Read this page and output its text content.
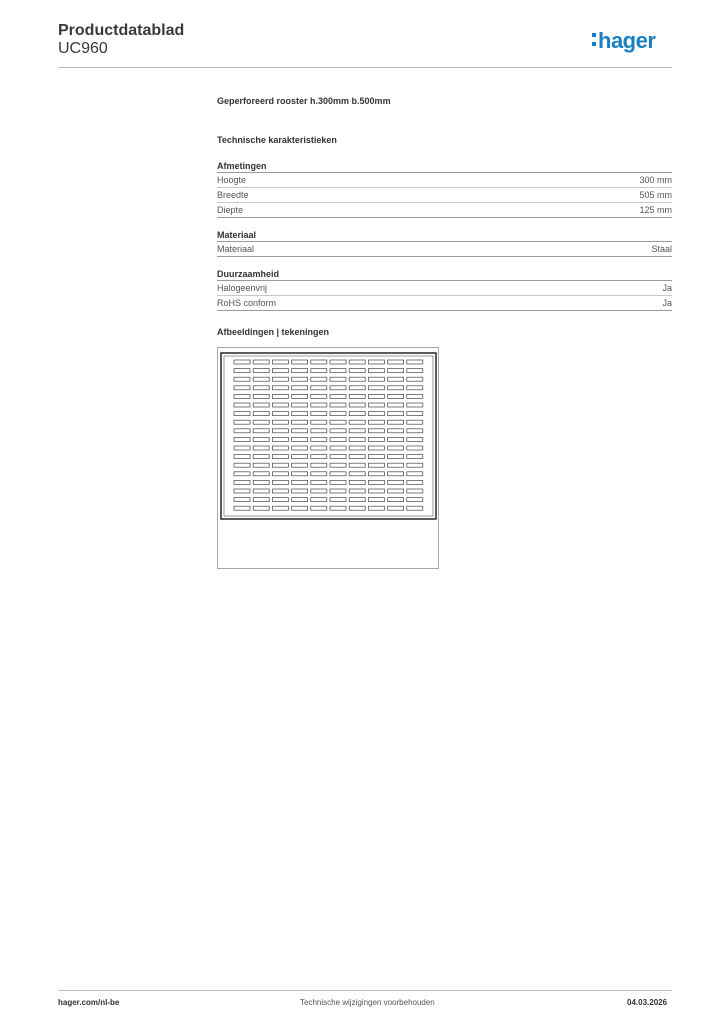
Productdatablad
UC960	hager
Geperforeerd rooster h.300mm b.500mm
Technische karakteristieken
Afmetingen
Hoogte	300 mm
Breedte	505 mm
Diepte	125 mm
Materiaal
Materiaal	Staal
Duurzaamheid
Halogeenvrij	Ja
RoHS conform	Ja
Afbeeldingen | tekeningen
hager.com/nl-be	Technische wijzigingen voorbehouden	04.03.2026
